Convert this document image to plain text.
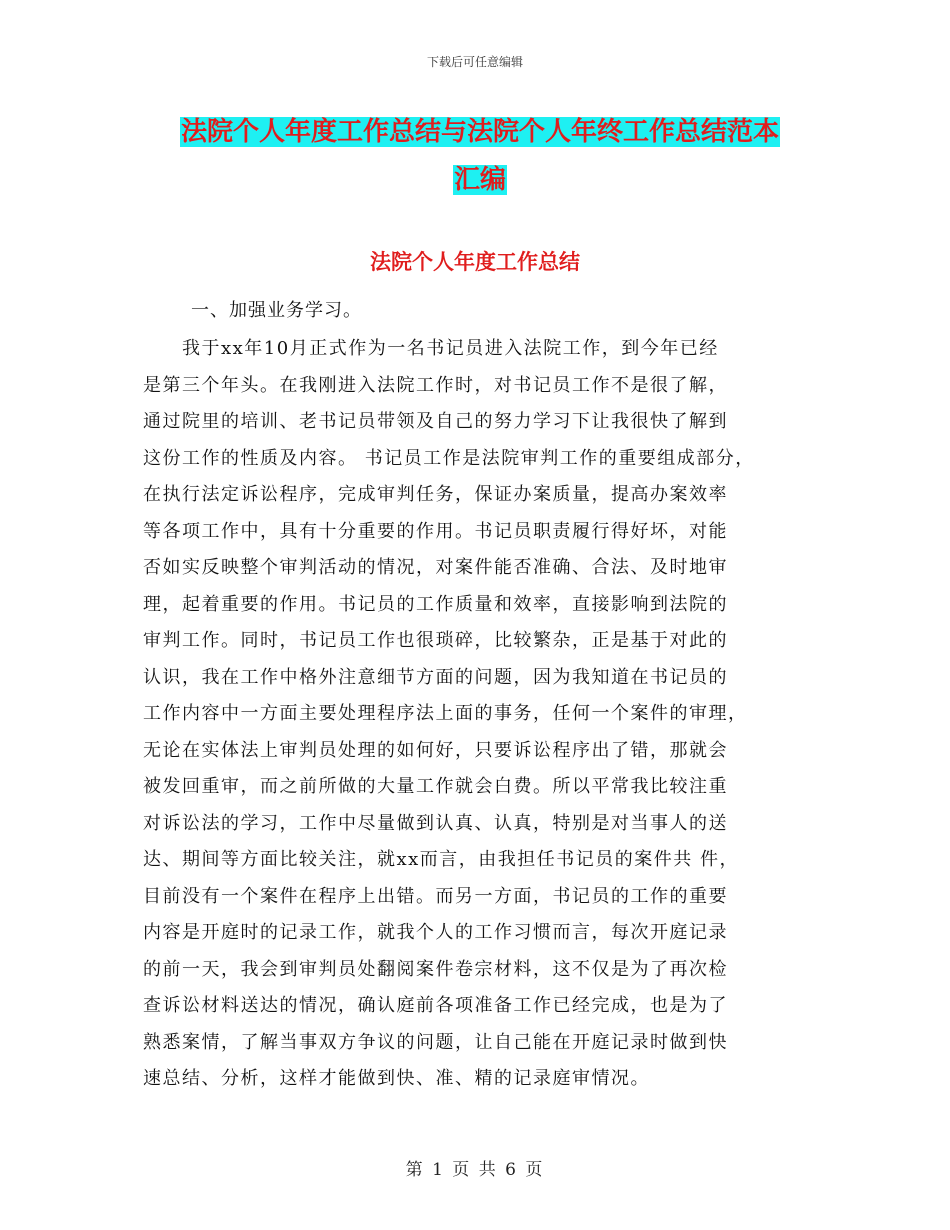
下载后可任意编辑
法院个人年度工作总结与法院个人年终工作总结范本
汇编
法院个人年度工作总结
一、加强业务学习。
　　我于xx年10月正式作为一名书记员进入法院工作，到今年已经
是第三个年头。在我刚进入法院工作时，对书记员工作不是很了解，
通过院里的培训、老书记员带领及自己的努力学习下让我很快了解到
这份工作的性质及内容。 书记员工作是法院审判工作的重要组成部分，
在执行法定诉讼程序，完成审判任务，保证办案质量，提高办案效率
等各项工作中，具有十分重要的作用。书记员职责履行得好坏，对能
否如实反映整个审判活动的情况，对案件能否准确、合法、及时地审
理，起着重要的作用。书记员的工作质量和效率，直接影响到法院的
审判工作。同时，书记员工作也很琐碎，比较繁杂，正是基于对此的
认识，我在工作中格外注意细节方面的问题，因为我知道在书记员的
工作内容中一方面主要处理程序法上面的事务，任何一个案件的审理，
无论在实体法上审判员处理的如何好，只要诉讼程序出了错，那就会
被发回重审，而之前所做的大量工作就会白费。所以平常我比较注重
对诉讼法的学习，工作中尽量做到认真、认真，特别是对当事人的送
达、期间等方面比较关注，就xx而言，由我担任书记员的案件共 件，
目前没有一个案件在程序上出错。而另一方面，书记员的工作的重要
内容是开庭时的记录工作，就我个人的工作习惯而言，每次开庭记录
的前一天，我会到审判员处翻阅案件卷宗材料，这不仅是为了再次检
查诉讼材料送达的情况，确认庭前各项准备工作已经完成，也是为了
熟悉案情，了解当事双方争议的问题，让自己能在开庭记录时做到快
速总结、分析，这样才能做到快、准、精的记录庭审情况。
第 1 页 共 6 页
